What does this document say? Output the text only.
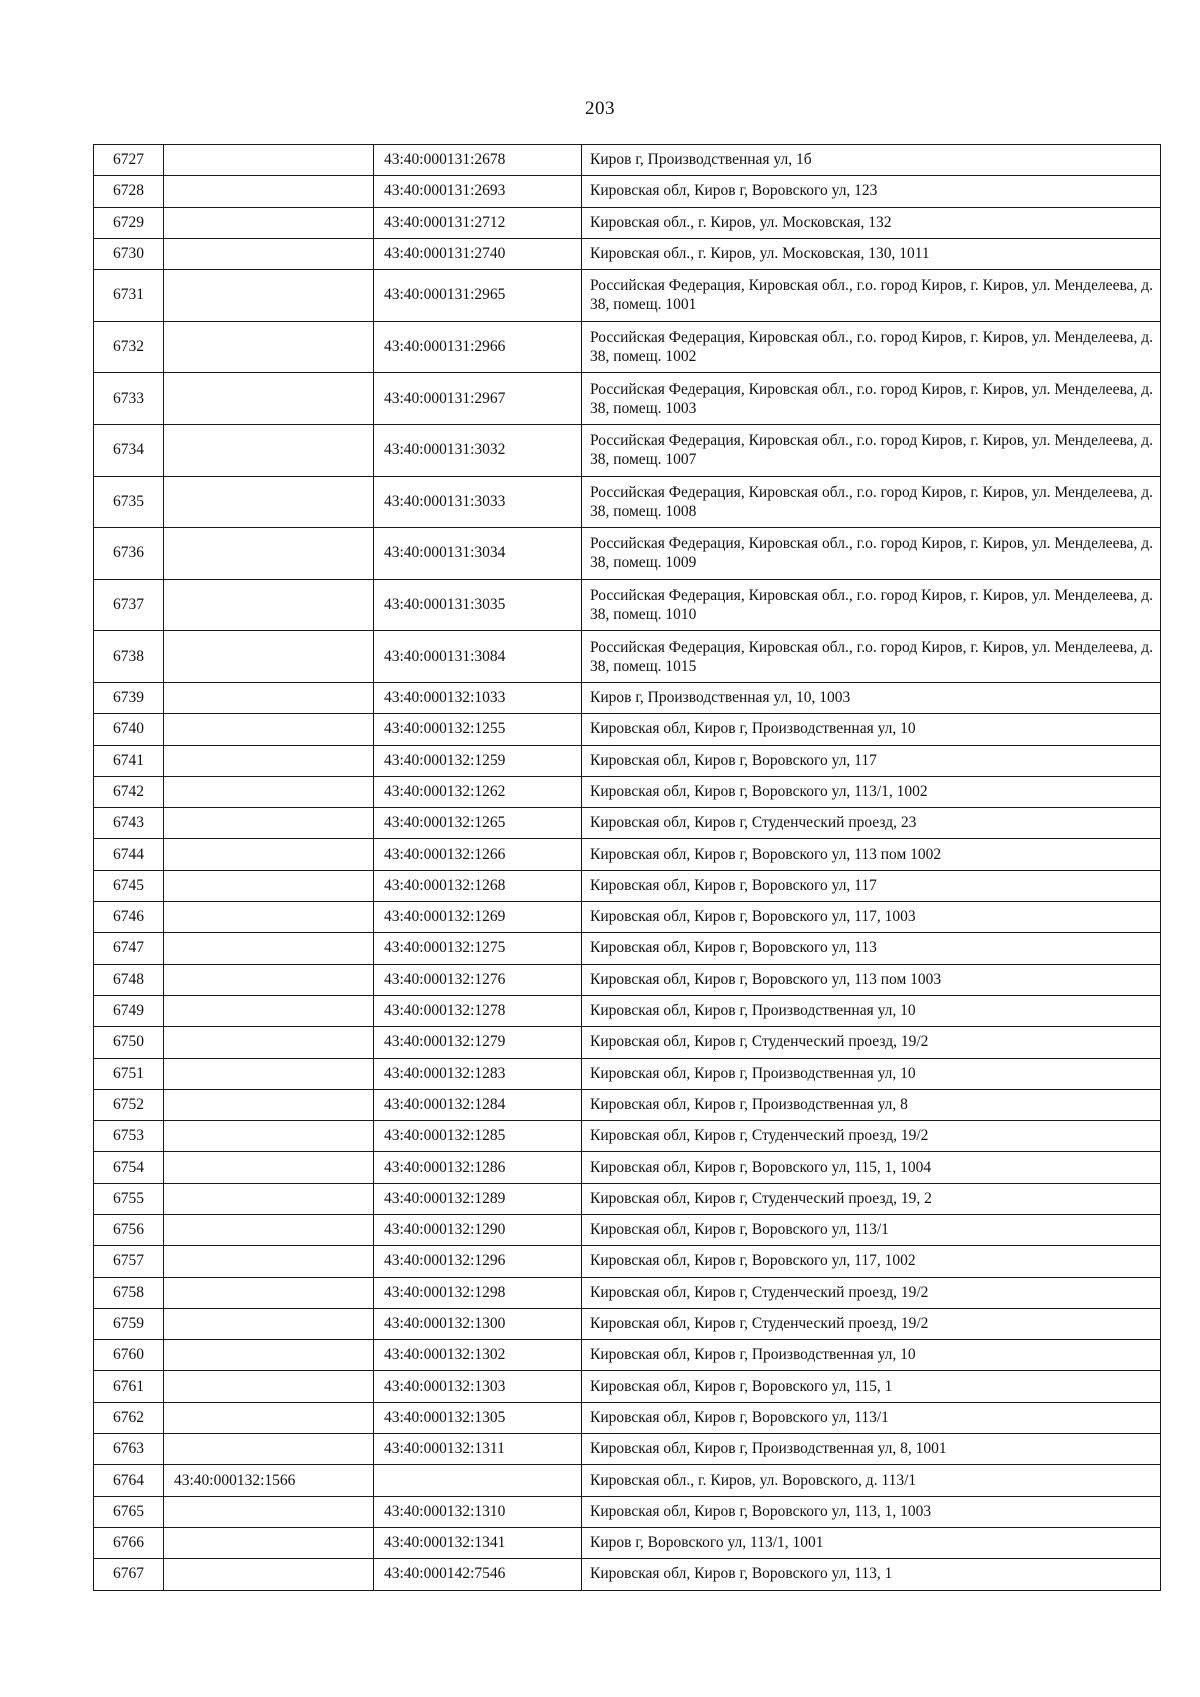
203
6727		43:40:000131:2678	Киров г, Производственная ул, 1б
6728		43:40:000131:2693	Кировская обл, Киров г, Воровского ул, 123
6729		43:40:000131:2712	Кировская обл., г. Киров, ул. Московская, 132
6730		43:40:000131:2740	Кировская обл., г. Киров, ул. Московская, 130, 1011
6731		43:40:000131:2965	Российская Федерация, Кировская обл., г.о. город Киров, г. Киров, ул. Менделеева, д. 38, помещ. 1001
6732		43:40:000131:2966	Российская Федерация, Кировская обл., г.о. город Киров, г. Киров, ул. Менделеева, д. 38, помещ. 1002
6733		43:40:000131:2967	Российская Федерация, Кировская обл., г.о. город Киров, г. Киров, ул. Менделеева, д. 38, помещ. 1003
6734		43:40:000131:3032	Российская Федерация, Кировская обл., г.о. город Киров, г. Киров, ул. Менделеева, д. 38, помещ. 1007
6735		43:40:000131:3033	Российская Федерация, Кировская обл., г.о. город Киров, г. Киров, ул. Менделеева, д. 38, помещ. 1008
6736		43:40:000131:3034	Российская Федерация, Кировская обл., г.о. город Киров, г. Киров, ул. Менделеева, д. 38, помещ. 1009
6737		43:40:000131:3035	Российская Федерация, Кировская обл., г.о. город Киров, г. Киров, ул. Менделеева, д. 38, помещ. 1010
6738		43:40:000131:3084	Российская Федерация, Кировская обл., г.о. город Киров, г. Киров, ул. Менделеева, д. 38, помещ. 1015
6739		43:40:000132:1033	Киров г, Производственная ул, 10, 1003
6740		43:40:000132:1255	Кировская обл, Киров г, Производственная ул, 10
6741		43:40:000132:1259	Кировская обл, Киров г, Воровского ул, 117
6742		43:40:000132:1262	Кировская обл, Киров г, Воровского ул, 113/1, 1002
6743		43:40:000132:1265	Кировская обл, Киров г, Студенческий проезд, 23
6744		43:40:000132:1266	Кировская обл, Киров г, Воровского ул, 113 пом 1002
6745		43:40:000132:1268	Кировская обл, Киров г, Воровского ул, 117
6746		43:40:000132:1269	Кировская обл, Киров г, Воровского ул, 117, 1003
6747		43:40:000132:1275	Кировская обл, Киров г, Воровского ул, 113
6748		43:40:000132:1276	Кировская обл, Киров г, Воровского ул, 113 пом 1003
6749		43:40:000132:1278	Кировская обл, Киров г, Производственная ул, 10
6750		43:40:000132:1279	Кировская обл, Киров г, Студенческий проезд, 19/2
6751		43:40:000132:1283	Кировская обл, Киров г, Производственная ул, 10
6752		43:40:000132:1284	Кировская обл, Киров г, Производственная ул, 8
6753		43:40:000132:1285	Кировская обл, Киров г, Студенческий проезд, 19/2
6754		43:40:000132:1286	Кировская обл, Киров г, Воровского ул, 115, 1, 1004
6755		43:40:000132:1289	Кировская обл, Киров г, Студенческий проезд, 19, 2
6756		43:40:000132:1290	Кировская обл, Киров г, Воровского ул, 113/1
6757		43:40:000132:1296	Кировская обл, Киров г, Воровского ул, 117, 1002
6758		43:40:000132:1298	Кировская обл, Киров г, Студенческий проезд, 19/2
6759		43:40:000132:1300	Кировская обл, Киров г, Студенческий проезд, 19/2
6760		43:40:000132:1302	Кировская обл, Киров г, Производственная ул, 10
6761		43:40:000132:1303	Кировская обл, Киров г, Воровского ул, 115, 1
6762		43:40:000132:1305	Кировская обл, Киров г, Воровского ул, 113/1
6763		43:40:000132:1311	Кировская обл, Киров г, Производственная ул, 8, 1001
6764	43:40:000132:1566		Кировская обл., г. Киров, ул. Воровского, д. 113/1
6765		43:40:000132:1310	Кировская обл, Киров г, Воровского ул, 113, 1, 1003
6766		43:40:000132:1341	Киров г, Воровского ул, 113/1, 1001
6767		43:40:000142:7546	Кировская обл, Киров г, Воровского ул, 113, 1
